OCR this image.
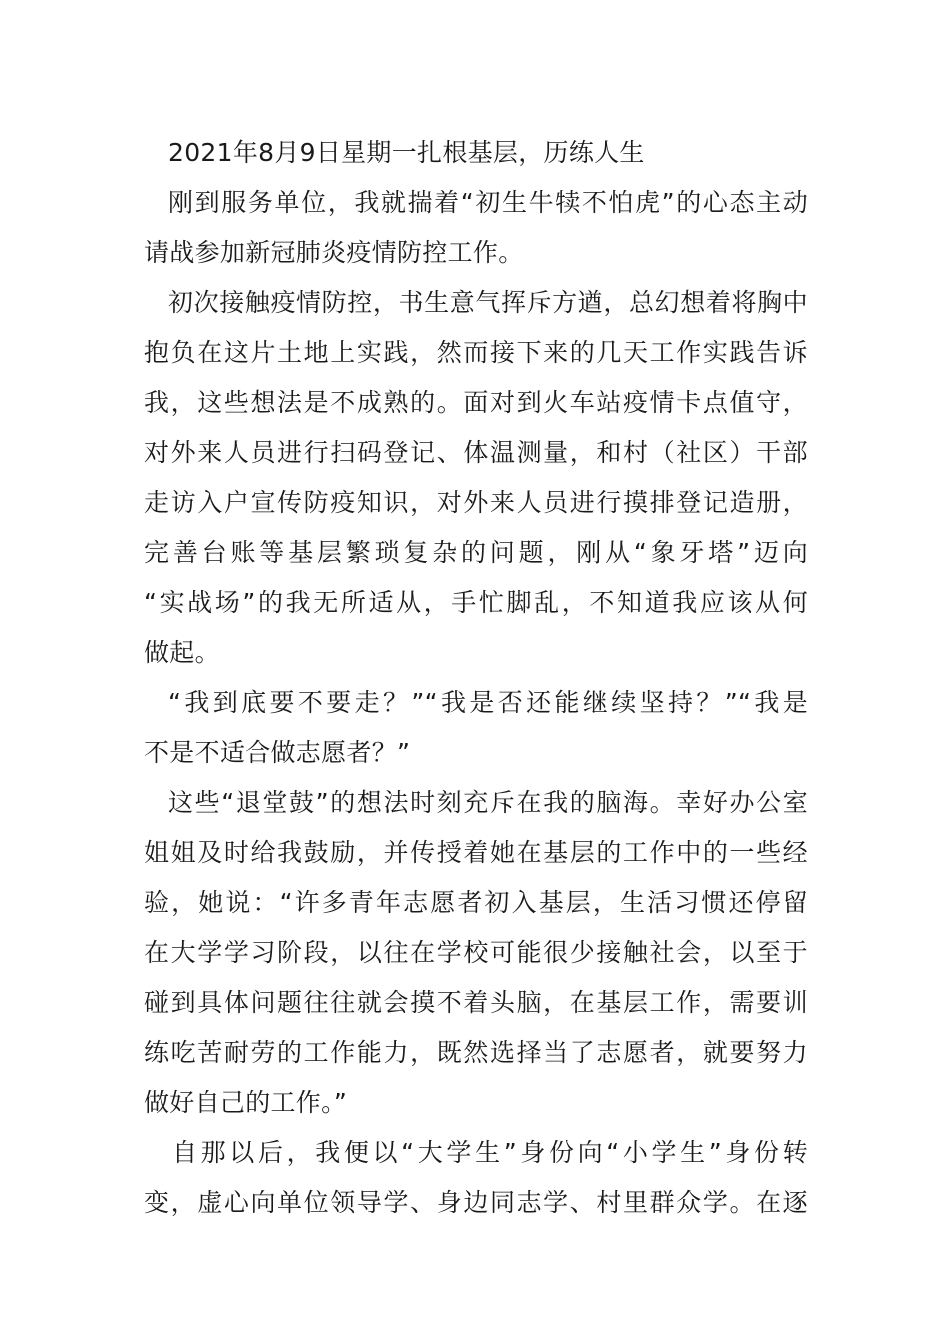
2021年8月9日星期一扎根基层，历练人生
刚到服务单位，我就揣着“初生牛犊不怕虎”的心态主动
请战参加新冠肺炎疫情防控工作。
初次接触疫情防控，书生意气挥斥方遒，总幻想着将胸中
抱负在这片土地上实践，然而接下来的几天工作实践告诉
我，这些想法是不成熟的。面对到火车站疫情卡点值守，
对外来人员进行扫码登记、体温测量，和村（社区）干部
走访入户宣传防疫知识，对外来人员进行摸排登记造册，
完善台账等基层繁琐复杂的问题，刚从“象牙塔”迈向
“实战场”的我无所适从，手忙脚乱，不知道我应该从何
做起。
“我到底要不要走？”“我是否还能继续坚持？”“我是
不是不适合做志愿者？”
这些“退堂鼓”的想法时刻充斥在我的脑海。幸好办公室
姐姐及时给我鼓励，并传授着她在基层的工作中的一些经
验，她说：“许多青年志愿者初入基层，生活习惯还停留
在大学学习阶段，以往在学校可能很少接触社会，以至于
碰到具体问题往往就会摸不着头脑，在基层工作，需要训
练吃苦耐劳的工作能力，既然选择当了志愿者，就要努力
做好自己的工作。”
自那以后，我便以“大学生”身份向“小学生”身份转
变，虚心向单位领导学、身边同志学、村里群众学。在逐
